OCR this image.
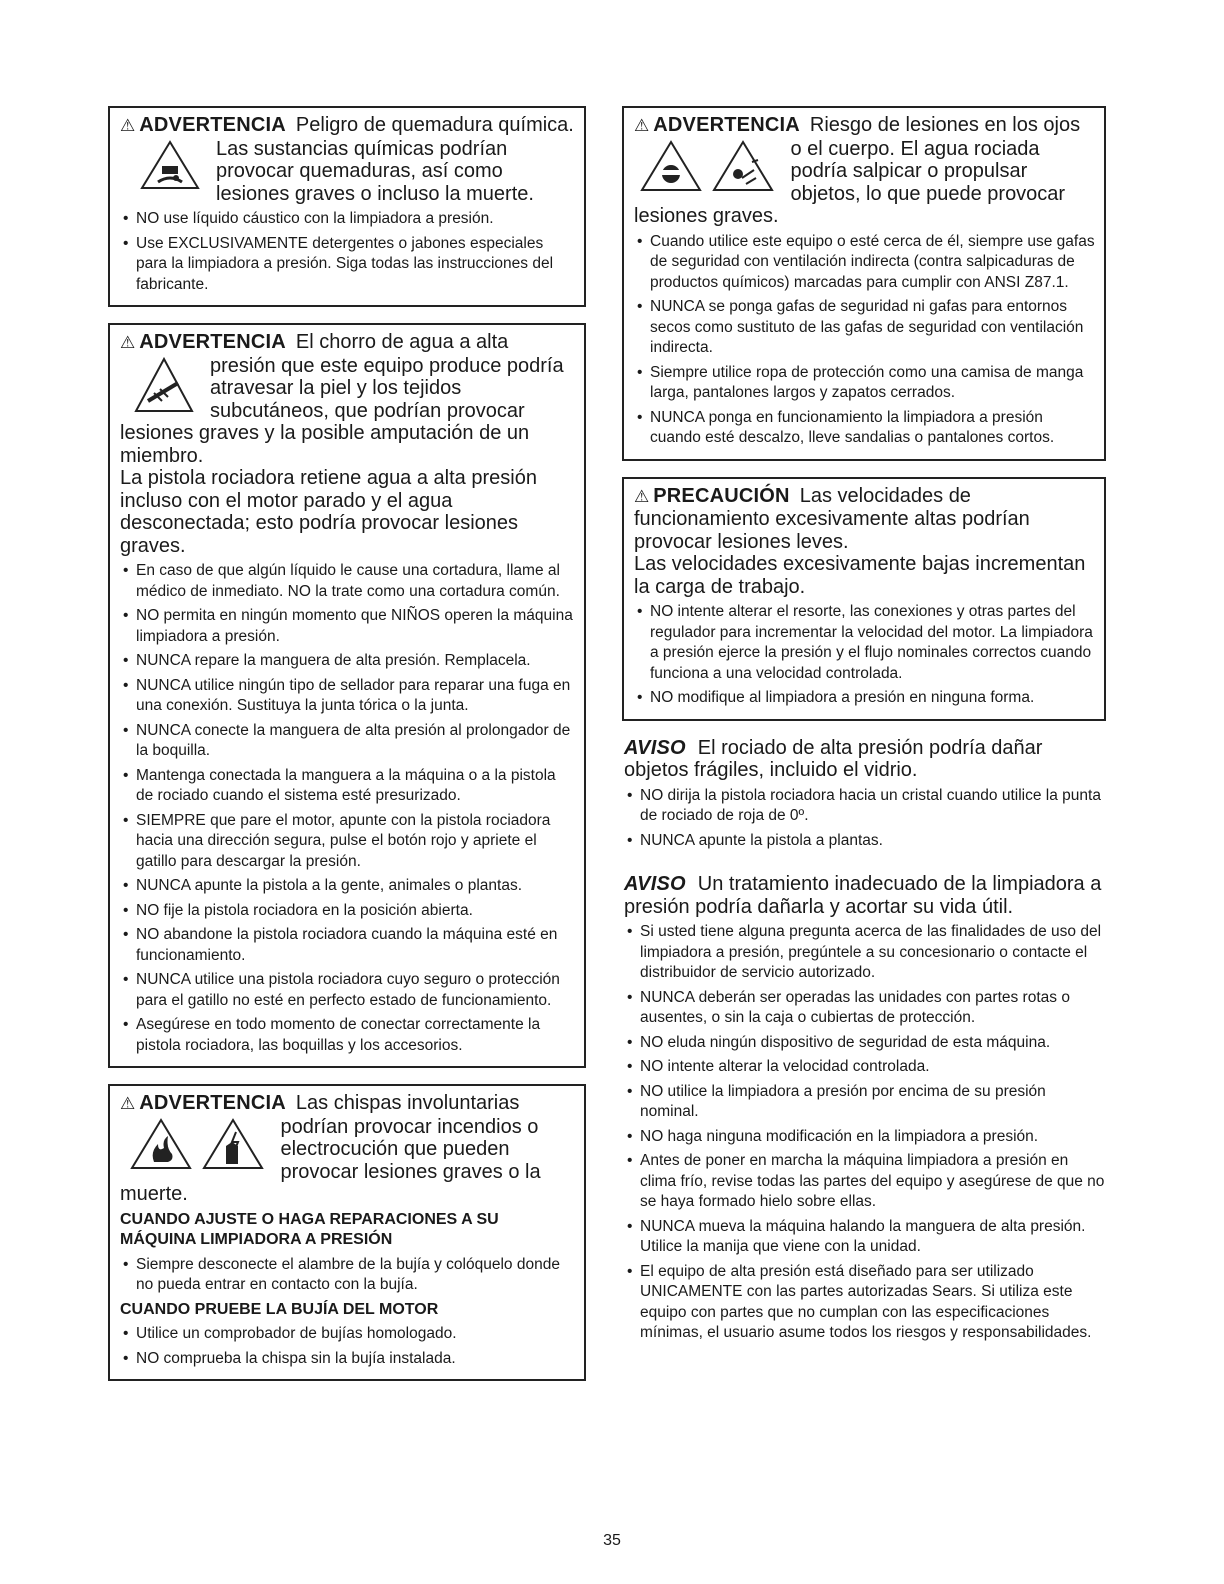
⚠ ADVERTENCIA Peligro de quemadura química.
Las sustancias químicas podrían provocar quemaduras, así como lesiones graves o incluso la muerte.
• NO use líquido cáustico con la limpiadora a presión.
• Use EXCLUSIVAMENTE detergentes o jabones especiales para la limpiadora a presión. Siga todas las instrucciones del fabricante.
⚠ ADVERTENCIA El chorro de agua a alta
presión que este equipo produce podría atravesar la piel y los tejidos subcutáneos, que podrían provocar lesiones graves y la posible amputación de un miembro.
La pistola rociadora retiene agua a alta presión incluso con el motor parado y el agua desconectada; esto podría provocar lesiones graves.
• En caso de que algún líquido le cause una cortadura, llame al médico de inmediato. NO la trate como una cortadura común.
• NO permita en ningún momento que NIÑOS operen la máquina limpiadora a presión.
• NUNCA repare la manguera de alta presión. Remplacela.
• NUNCA utilice ningún tipo de sellador para reparar una fuga en una conexión. Sustituya la junta tórica o la junta.
• NUNCA conecte la manguera de alta presión al prolongador de la boquilla.
• Mantenga conectada la manguera a la máquina o a la pistola de rociado cuando el sistema esté presurizado.
• SIEMPRE que pare el motor, apunte con la pistola rociadora hacia una dirección segura, pulse el botón rojo y apriete el gatillo para descargar la presión.
• NUNCA apunte la pistola a la gente, animales o plantas.
• NO fije la pistola rociadora en la posición abierta.
• NO abandone la pistola rociadora cuando la máquina esté en funcionamiento.
• NUNCA utilice una pistola rociadora cuyo seguro o protección para el gatillo no esté en perfecto estado de funcionamiento.
• Asegúrese en todo momento de conectar correctamente la pistola rociadora, las boquillas y los accesorios.
⚠ ADVERTENCIA Las chispas involuntarias

podrían provocar incendios o electrocución que pueden provocar lesiones graves o la muerte.
CUANDO AJUSTE O HAGA REPARACIONES A SU MÁQUINA LIMPIADORA A PRESIÓN
• Siempre desconecte el alambre de la bujía y colóquelo donde no pueda entrar en contacto con la bujía.
CUANDO PRUEBE LA BUJÍA DEL MOTOR
• Utilice un comprobador de bujías homologado.
• NO comprueba la chispa sin la bujía instalada.
⚠ ADVERTENCIA Riesgo de lesiones en los ojos

o el cuerpo. El agua rociada podría salpicar o propulsar objetos, lo que puede provocar lesiones graves.
• Cuando utilice este equipo o esté cerca de él, siempre use gafas de seguridad con ventilación indirecta (contra salpicaduras de productos químicos) marcadas para cumplir con ANSI Z87.1.
• NUNCA se ponga gafas de seguridad ni gafas para entornos secos como sustituto de las gafas de seguridad con ventilación indirecta.
• Siempre utilice ropa de protección como una camisa de manga larga, pantalones largos y zapatos cerrados.
• NUNCA ponga en funcionamiento la limpiadora a presión cuando esté descalzo, lleve sandalias o pantalones cortos.
⚠ PRECAUCIÓN Las velocidades de funcionamiento excesivamente altas podrían provocar lesiones leves.
Las velocidades excesivamente bajas incrementan la carga de trabajo.
• NO intente alterar el resorte, las conexiones y otras partes del regulador para incrementar la velocidad del motor. La limpiadora a presión ejerce la presión y el flujo nominales correctos cuando funciona a una velocidad controlada.
• NO modifique al limpiadora a presión en ninguna forma.
AVISO El rociado de alta presión podría dañar objetos frágiles, incluido el vidrio.
• NO dirija la pistola rociadora hacia un cristal cuando utilice la punta de rociado de roja de 0º.
• NUNCA apunte la pistola a plantas.
AVISO Un tratamiento inadecuado de la limpiadora a presión podría dañarla y acortar su vida útil.
• Si usted tiene alguna pregunta acerca de las finalidades de uso del limpiadora a presión, pregúntele a su concesionario o contacte el distribuidor de servicio autorizado.
• NUNCA deberán ser operadas las unidades con partes rotas o ausentes, o sin la caja o cubiertas de protección.
• NO eluda ningún dispositivo de seguridad de esta máquina.
• NO intente alterar la velocidad controlada.
• NO utilice la limpiadora a presión por encima de su presión nominal.
• NO haga ninguna modificación en la limpiadora a presión.
• Antes de poner en marcha la máquina limpiadora a presión en clima frío, revise todas las partes del equipo y asegúrese de que no se haya formado hielo sobre ellas.
• NUNCA mueva la máquina halando la manguera de alta presión. Utilice la manija que viene con la unidad.
• El equipo de alta presión está diseñado para ser utilizado UNICAMENTE con las partes autorizadas Sears. Si utiliza este equipo con partes que no cumplan con las especificaciones mínimas, el usuario asume todos los riesgos y responsabilidades.
35
